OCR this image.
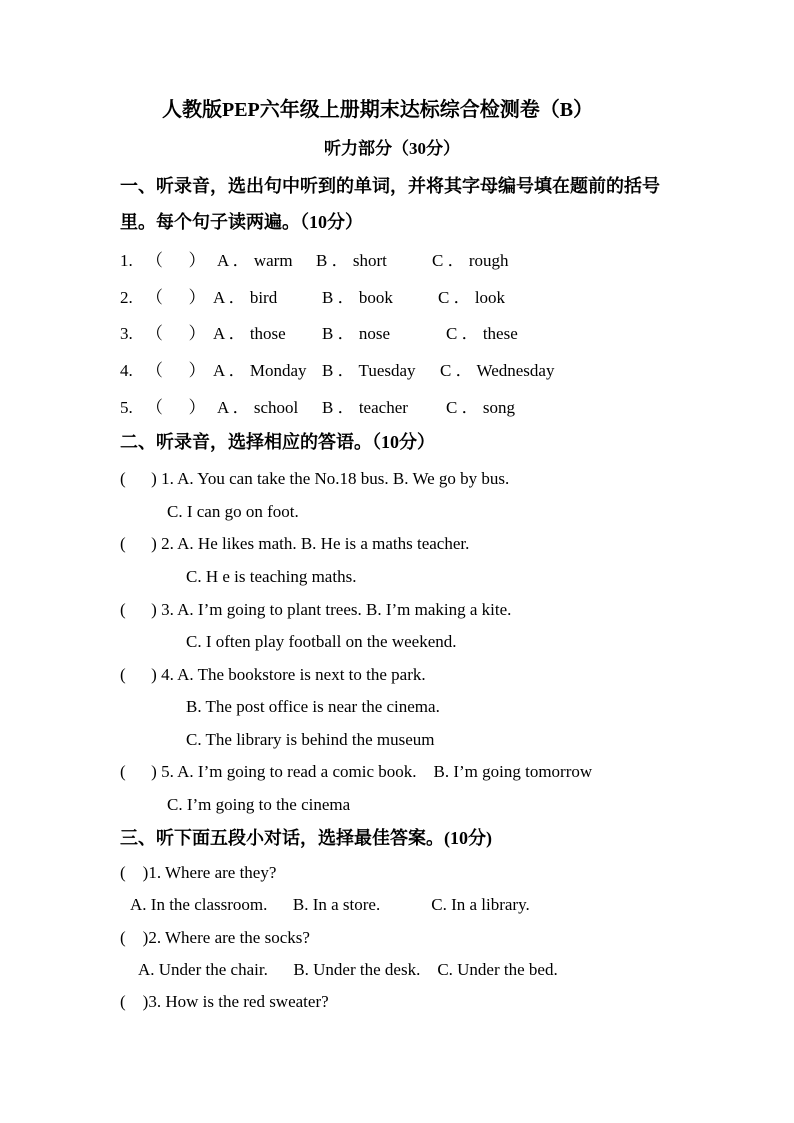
人教版PEP六年级上册期末达标综合检测卷（B）
听力部分（30分）
一、听录音，选出句中听到的单词，并将其字母编号填在题前的括号
里。每个句子读两遍。（10分）
1. （      ） A ． warm B ． short	C ． rough
2. （      ） A ． bird	B ． book	C ． look
3. （      ） A ． those B ． nose	C ． these
4. （      ） A ． Monday B ． Tuesday C ． Wednesday
5. （      ） A ． school B ． teacher C ． song
二、听录音，选择相应的答语。（10分）
(      ) 1. A. You can take the No.18 bus. B. We go by bus.
C. I can go on foot.
(      ) 2. A. He likes math. B. He is a maths teacher.
C. H e is teaching maths.
(      ) 3. A. I’m going to plant trees. B. I’m making a kite.
C. I often play football on the weekend.
(      ) 4. A. The bookstore is next to the park.
B. The post office is near the cinema.
C. The library is behind the museum
(      ) 5. A. I’m going to read a comic book.    B. I’m going tomorrow
C. I’m going to the cinema
三、听下面五段小对话，选择最佳答案。(10分)
(    )1. Where are they?
A. In the classroom.      B. In a store.            C. In a library.
(    )2. Where are the socks?
A. Under the chair.      B. Under the desk.    C. Under the bed.
(    )3. How is the red sweater?
